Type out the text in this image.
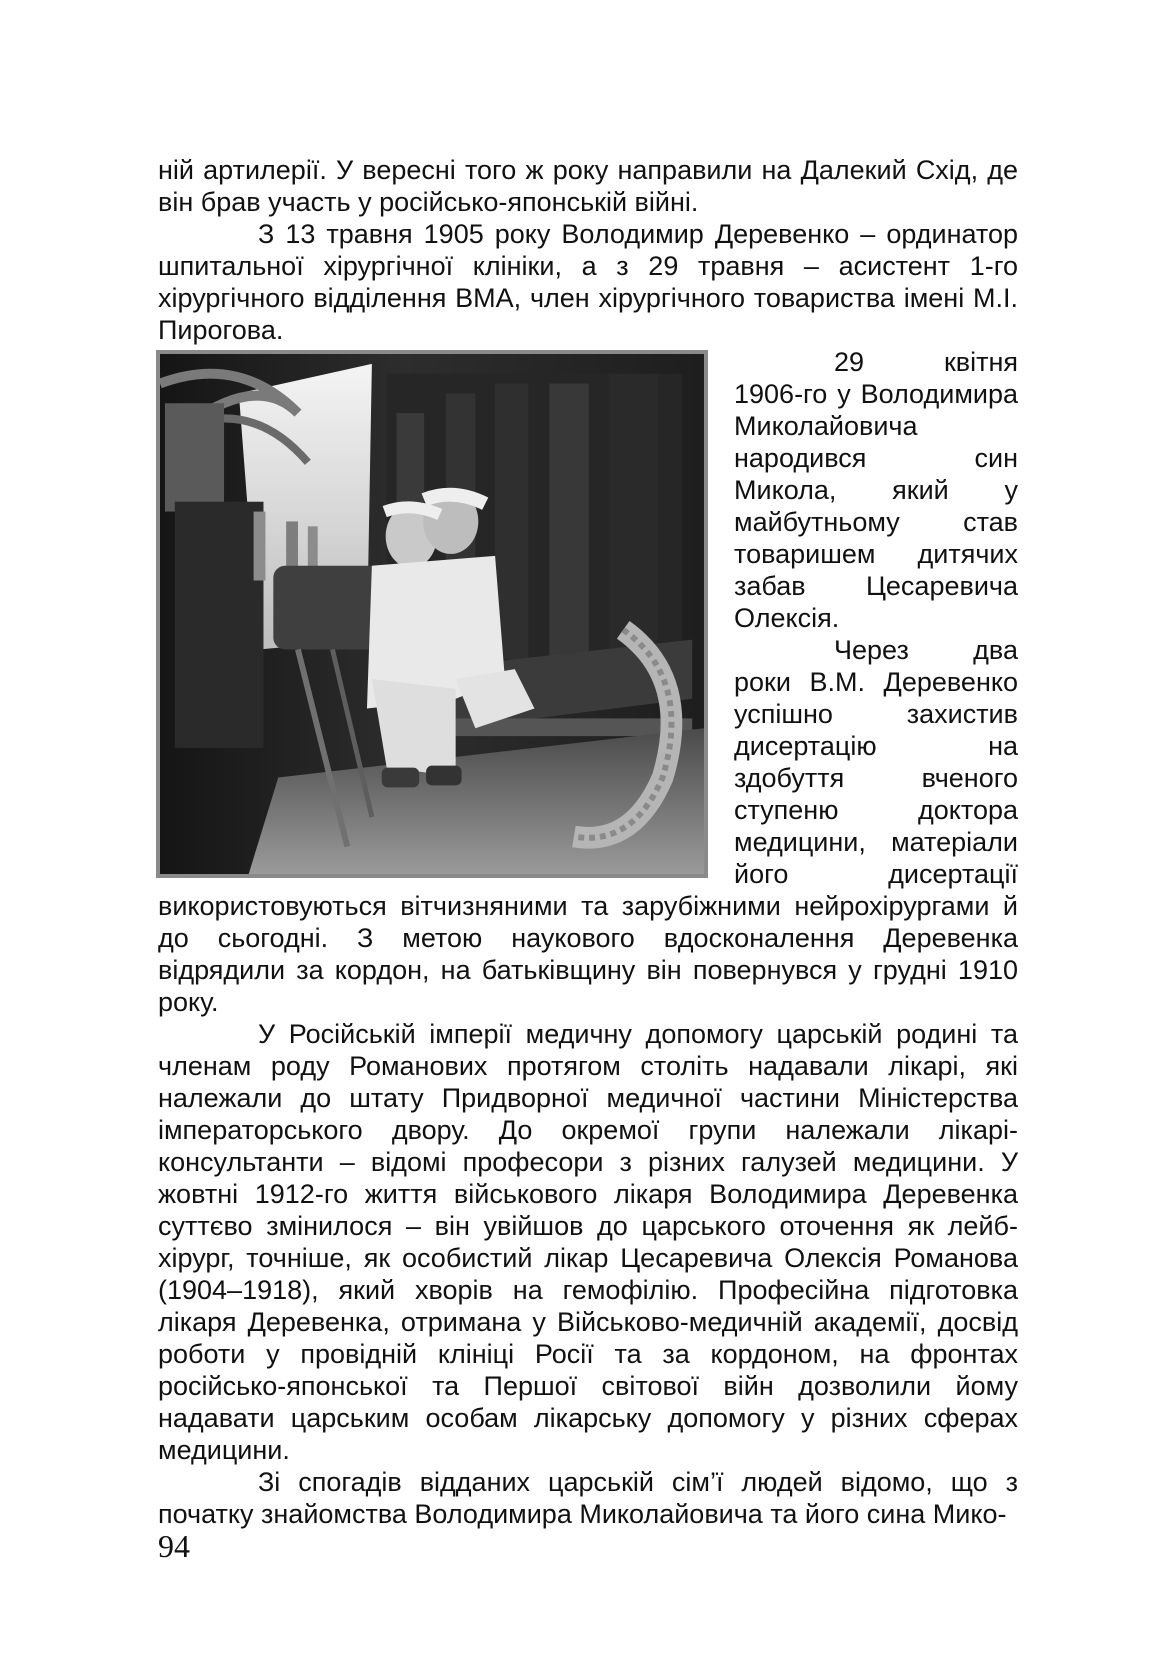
ній артилерії. У вересні того ж року направили на Далекий Схід, де він брав участь у російсько-японській війні.

З 13 травня 1905 року Володимир Деревенко – ординатор шпитальної хірургічної клініки, а з 29 травня – асистент 1-го хірургічного відділення ВМА, член хірургічного товариства імені М.І. Пирогова.

29 квітня 1906-го у Володимира Миколайовича народився син Микола, який у майбутньому став товаришем дитячих забав Цесаревича Олексія.

Через два роки В.М. Деревенко успішно захистив дисертацію на здобуття вченого ступеню доктора медицини, матеріали його дисертації використовуються вітчизняними та зарубіжними нейрохірургами й до сьогодні. З метою наукового вдосконалення Деревенка відрядили за кордон, на батьківщину він повернувся у грудні 1910 року.

У Російській імперії медичну допомогу царській родині та членам роду Романових протягом століть надавали лікарі, які належали до штату Придворної медичної частини Міністерства імператорського двору. До окремої групи належали лікарі-консультанти – відомі професори з різних галузей медицини. У жовтні 1912-го життя військового лікаря Володимира Деревенка суттєво змінилося – він увійшов до царського оточення як лейб-хірург, точніше, як особистий лікар Цесаревича Олексія Романова (1904–1918), який хворів на гемофілію. Професійна підготовка лікаря Деревенка, отримана у Військово-медичній академії, досвід роботи у провідній клініці Росії та за кордоном, на фронтах російсько-японської та Першої світової війн дозволили йому надавати царським особам лікарську допомогу у різних сферах медицини.

Зі спогадів відданих царській сім’ї людей відомо, що з початку знайомства Володимира Миколайовича та його сина Мико-

94
